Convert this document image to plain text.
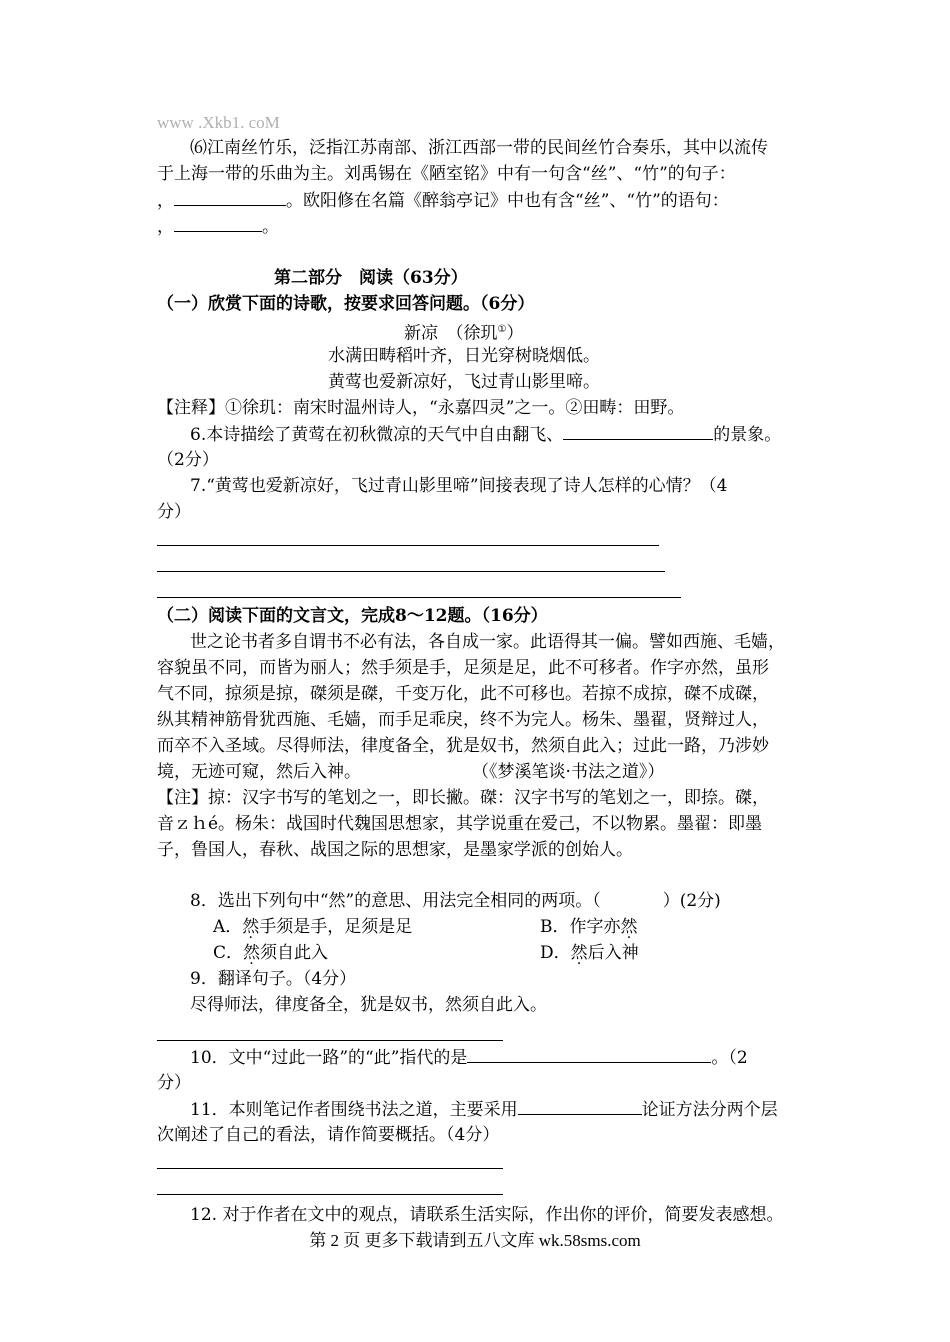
www .Xkb1. coM
⑹江南丝竹乐，泛指江苏南部、浙江西部一带的民间丝竹合奏乐，其中以流传
于上海一带的乐曲为主。刘禹锡在《陋室铭》中有一句含“丝”、“竹”的句子：
，	。欧阳修在名篇《醉翁亭记》中也有含“丝”、“竹”的语句：
，	。
第二部分　阅读（63分）
（一）欣赏下面的诗歌，按要求回答问题。（6分）
新凉　（徐玑①）
水满田畴稻叶齐，日光穿树晓烟低。
黄莺也爱新凉好，飞过青山影里啼。
【注释】①徐玑：南宋时温州诗人，“永嘉四灵”之一。②田畴：田野。
6.本诗描绘了黄莺在初秋微凉的天气中自由翻飞、	的景象。
（2分）
7.“黄莺也爱新凉好，飞过青山影里啼”间接表现了诗人怎样的心情？（4
分）
（二）阅读下面的文言文，完成8～12题。（16分）
世之论书者多自谓书不必有法，各自成一家。此语得其一偏。譬如西施、毛嫱，
容貌虽不同，而皆为丽人；然手须是手，足须是足，此不可移者。作字亦然，虽形
气不同，掠须是掠，磔须是磔，千变万化，此不可移也。若掠不成掠，磔不成磔，
纵其精神筋骨犹西施、毛嫱，而手足乖戾，终不为完人。杨朱、墨翟，贤辩过人，
而卒不入圣域。尽得师法，律度备全，犹是奴书，然须自此入；过此一路，乃涉妙
境，无迹可窥，然后入神。	（《梦溪笔谈·书法之道》）
【注】掠：汉字书写的笔划之一，即长撇。磔：汉字书写的笔划之一，即捺。磔，
音ｚｈé。杨朱：战国时代魏国思想家，其学说重在爱己，不以物累。墨翟：即墨
子，鲁国人，春秋、战国之际的思想家，是墨家学派的创始人。
8．选出下列句中“然”的意思、用法完全相同的两项。（	）(2分)
A．然手须是手，足须是足	B．作字亦然
C．然须自此入	D．然后入神
9．翻译句子。（4分）
尽得师法，律度备全，犹是奴书，然须自此入。
10．文中“过此一路”的“此”指代的是	。（2
分）
11．本则笔记作者围绕书法之道，主要采用	论证方法分两个层
次阐述了自己的看法，请作简要概括。（4分）
12. 对于作者在文中的观点，请联系生活实际，作出你的评价，简要发表感想。
第 2 页 更多下载请到五八文库 wk.58sms.com
